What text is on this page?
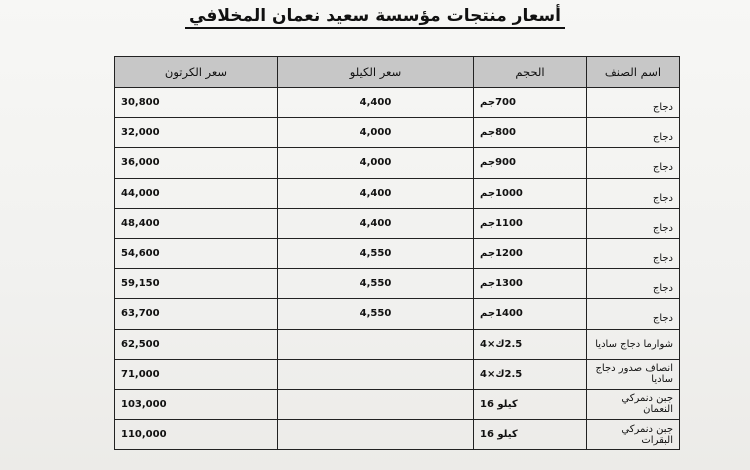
أسعار منتجات مؤسسة سعيد نعمان المخلافي
سعر الكرتون	سعر الكيلو	الحجم	اسم الصنف
30,800	4,400	700جم	دجاج
32,000	4,000	800جم	دجاج
36,000	4,000	900جم	دجاج
44,000	4,400	1000جم	دجاج
48,400	4,400	1100جم	دجاج
54,600	4,550	1200جم	دجاج
59,150	4,550	1300جم	دجاج
63,700	4,550	1400جم	دجاج
62,500		2.5ك×4	شوارما دجاج ساديا
71,000		2.5ك×4	انصاف صدور دجاج ساديا
103,000		كيلو 16	جبن دنمركي النعمان
110,000		كيلو 16	جبن دنمركي البقرات
